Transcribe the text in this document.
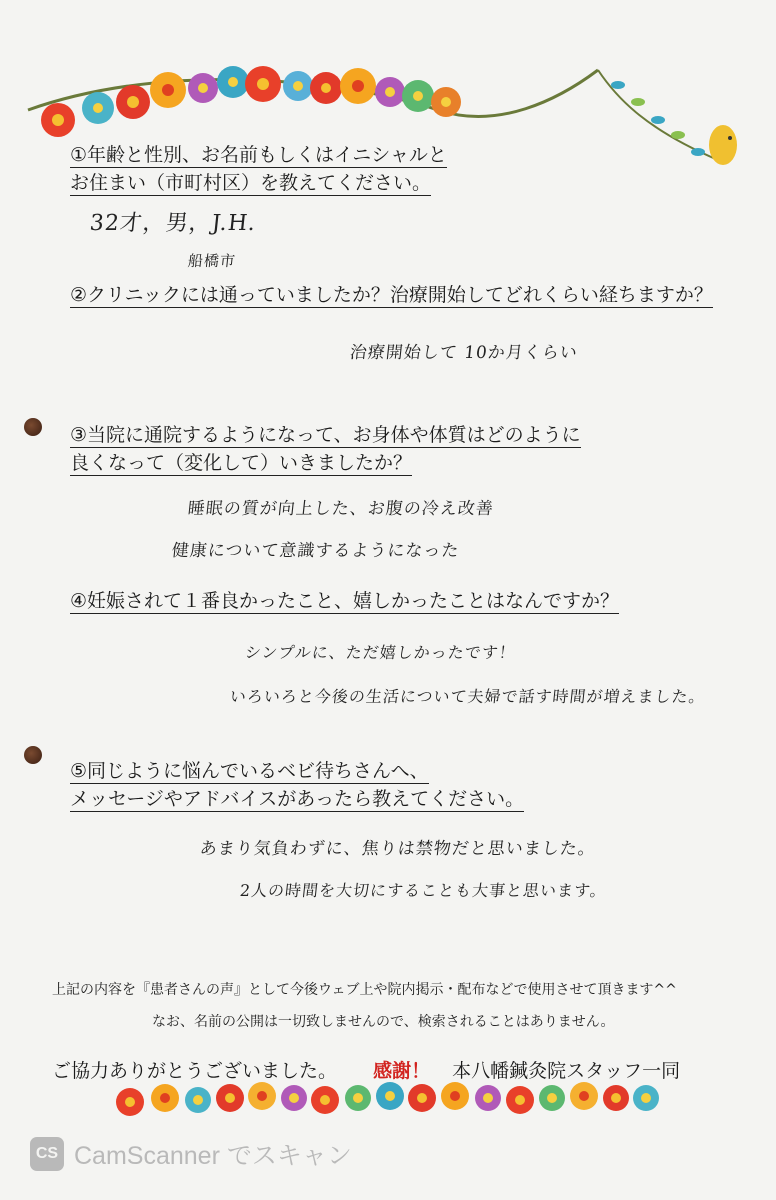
①年齢と性別、お名前もしくはイニシャルと
お住まい（市町村区）を教えてください。
32才，男，J.H.
船橋市
②クリニックには通っていましたか？治療開始してどれくらい経ちますか？
治療開始して 10か月くらい
③当院に通院するようになって、お身体や体質はどのように
良くなって（変化して）いきましたか？
睡眠の質が向上した、お腹の冷え改善
健康について意識するようになった
④妊娠されて１番良かったこと、嬉しかったことはなんですか？
シンプルに、ただ嬉しかったです！
いろいろと今後の生活について夫婦で話す時間が増えました。
⑤同じように悩んでいるベビ待ちさんへ、
メッセージやアドバイスがあったら教えてください。
あまり気負わずに、焦りは禁物だと思いました。
2人の時間を大切にすることも大事と思います。
上記の内容を『患者さんの声』として今後ウェブ上や院内掲示・配布などで使用させて頂きます^^
なお、名前の公開は一切致しませんので、検索されることはありません。
ご協力ありがとうございました。 感謝！ 本八幡鍼灸院スタッフ一同
CS CamScanner でスキャン
